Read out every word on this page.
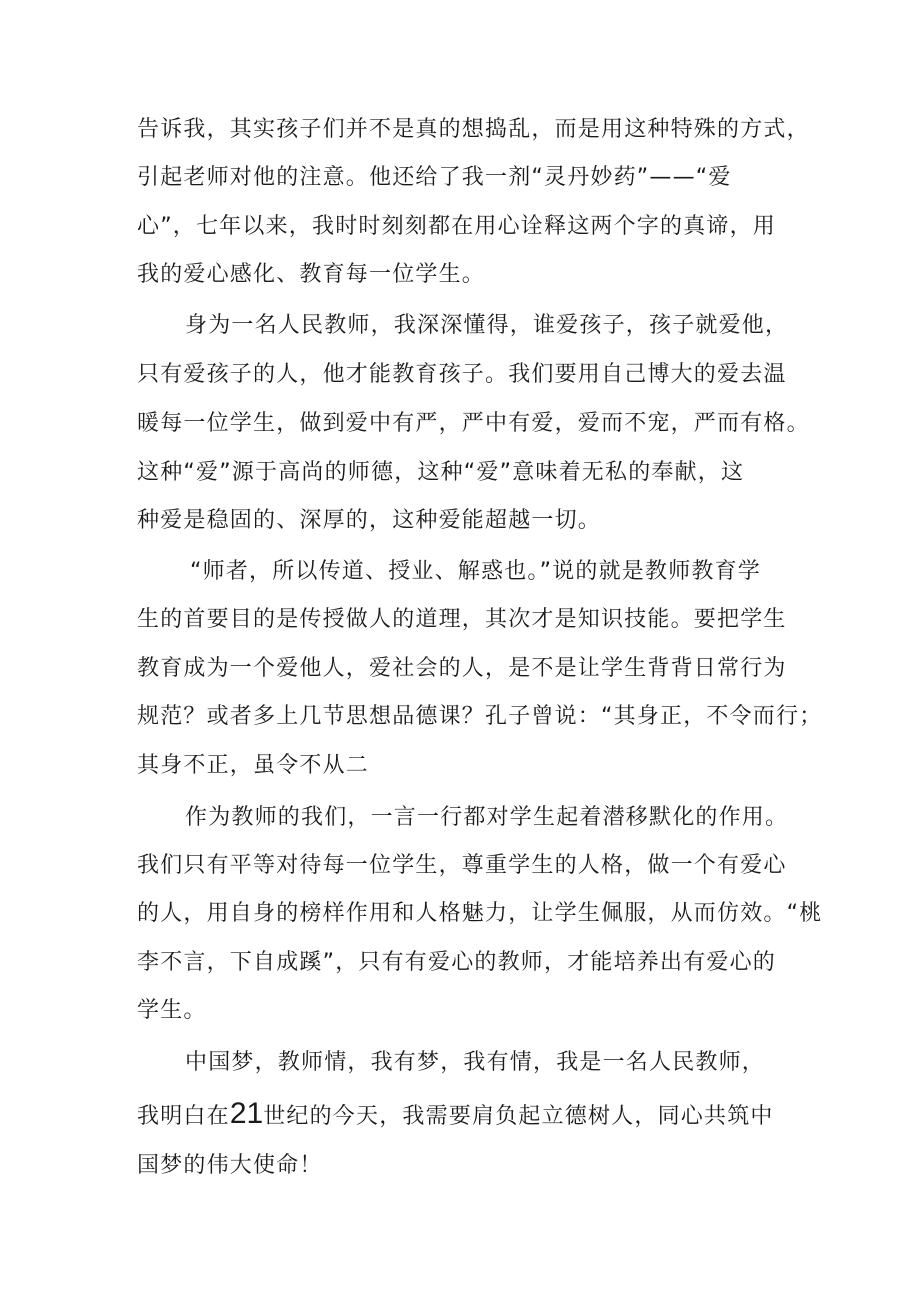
告诉我，其实孩子们并不是真的想捣乱，而是用这种特殊的方式，

引起老师对他的注意。他还给了我一剂“灵丹妙药”——“爱

心”，七年以来，我时时刻刻都在用心诠释这两个字的真谛，用

我的爱心感化、教育每一位学生。

身为一名人民教师，我深深懂得，谁爱孩子，孩子就爱他，

只有爱孩子的人，他才能教育孩子。我们要用自己博大的爱去温

暖每一位学生，做到爱中有严，严中有爱，爱而不宠，严而有格。

这种“爱”源于高尚的师德，这种“爱”意味着无私的奉献，这

种爱是稳固的、深厚的，这种爱能超越一切。

“师者，所以传道、授业、解惑也。”说的就是教师教育学

生的首要目的是传授做人的道理，其次才是知识技能。要把学生

教育成为一个爱他人，爱社会的人，是不是让学生背背日常行为

规范？或者多上几节思想品德课？孔子曾说：“其身正，不令而行；

其身不正，虽令不从二

作为教师的我们，一言一行都对学生起着潜移默化的作用。

我们只有平等对待每一位学生，尊重学生的人格，做一个有爱心

的人，用自身的榜样作用和人格魅力，让学生佩服，从而仿效。“桃

李不言，下自成蹊”，只有有爱心的教师，才能培养出有爱心的

学生。

中国梦，教师情，我有梦，我有情，我是一名人民教师，

我明白在21世纪的今天，我需要肩负起立德树人，同心共筑中

国梦的伟大使命！
